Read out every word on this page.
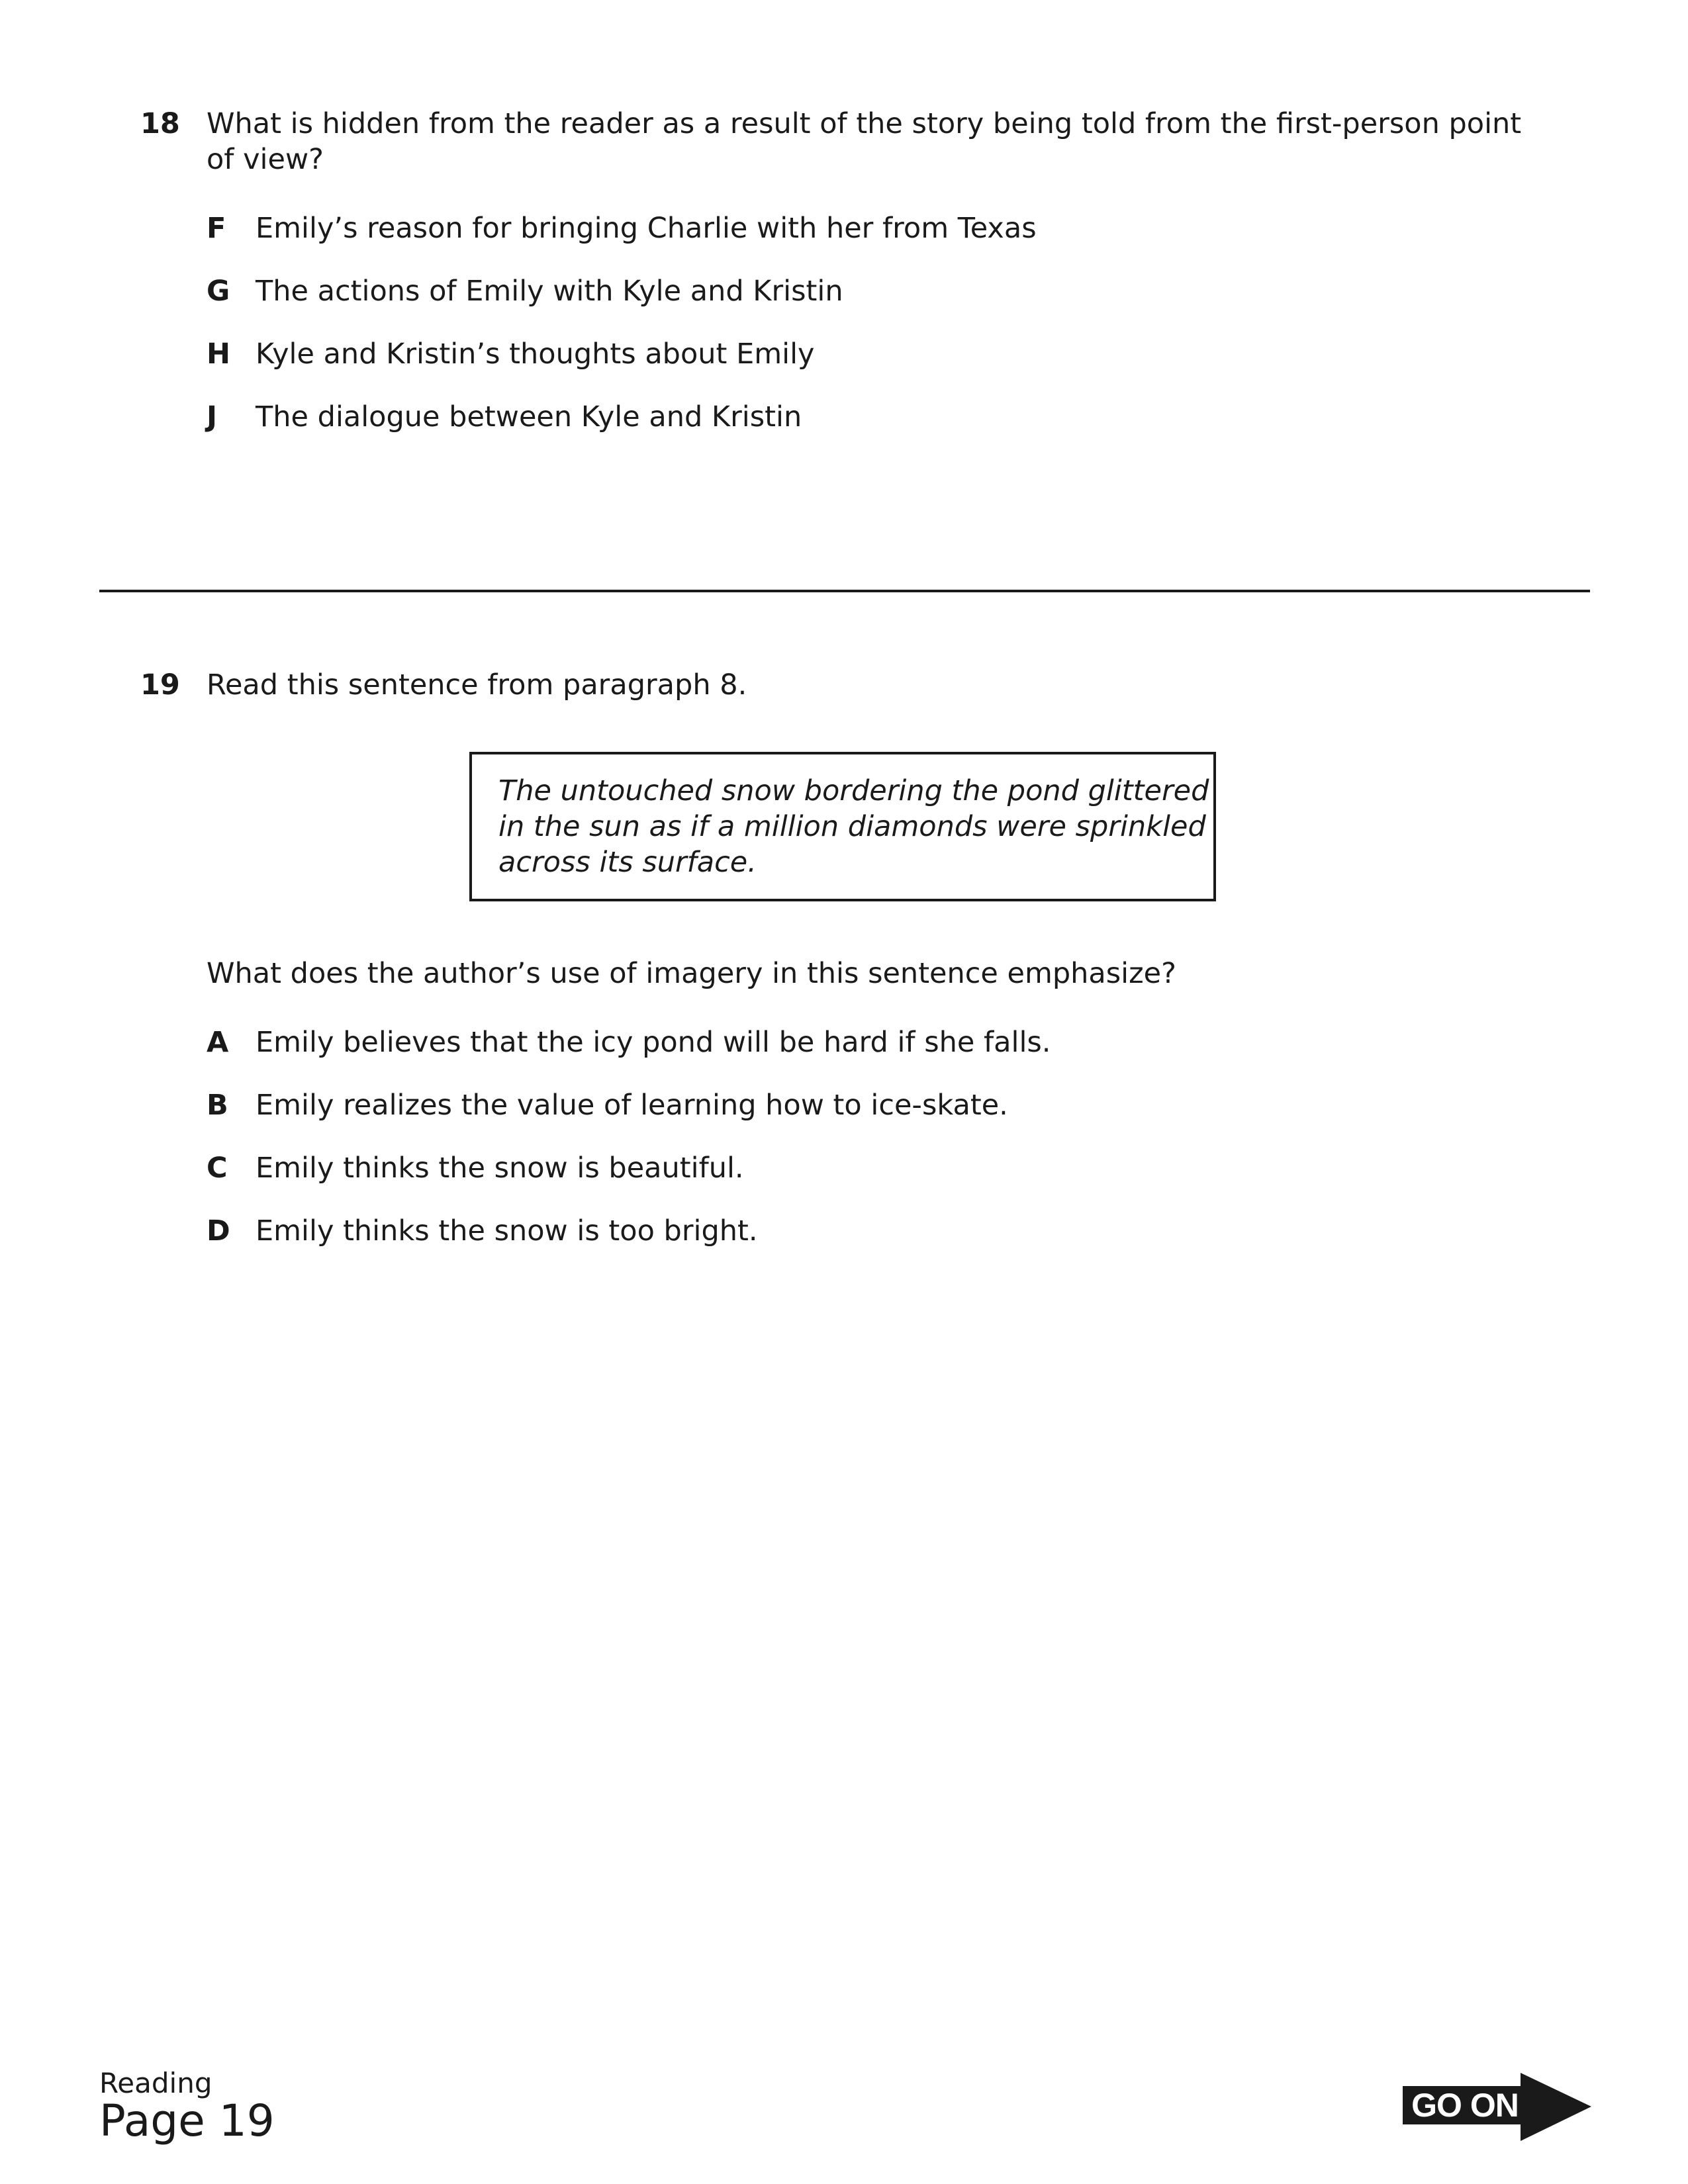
18 What is hidden from the reader as a result of the story being told from the first-person point
of view?
F Emily’s reason for bringing Charlie with her from Texas
G The actions of Emily with Kyle and Kristin
H Kyle and Kristin’s thoughts about Emily
J The dialogue between Kyle and Kristin
19 Read this sentence from paragraph 8.
The untouched snow bordering the pond glittered
in the sun as if a million diamonds were sprinkled
across its surface.
What does the author’s use of imagery in this sentence emphasize?
A Emily believes that the icy pond will be hard if she falls.
B Emily realizes the value of learning how to ice-skate.
C Emily thinks the snow is beautiful.
D Emily thinks the snow is too bright.
Reading
Page 19	GO ON
